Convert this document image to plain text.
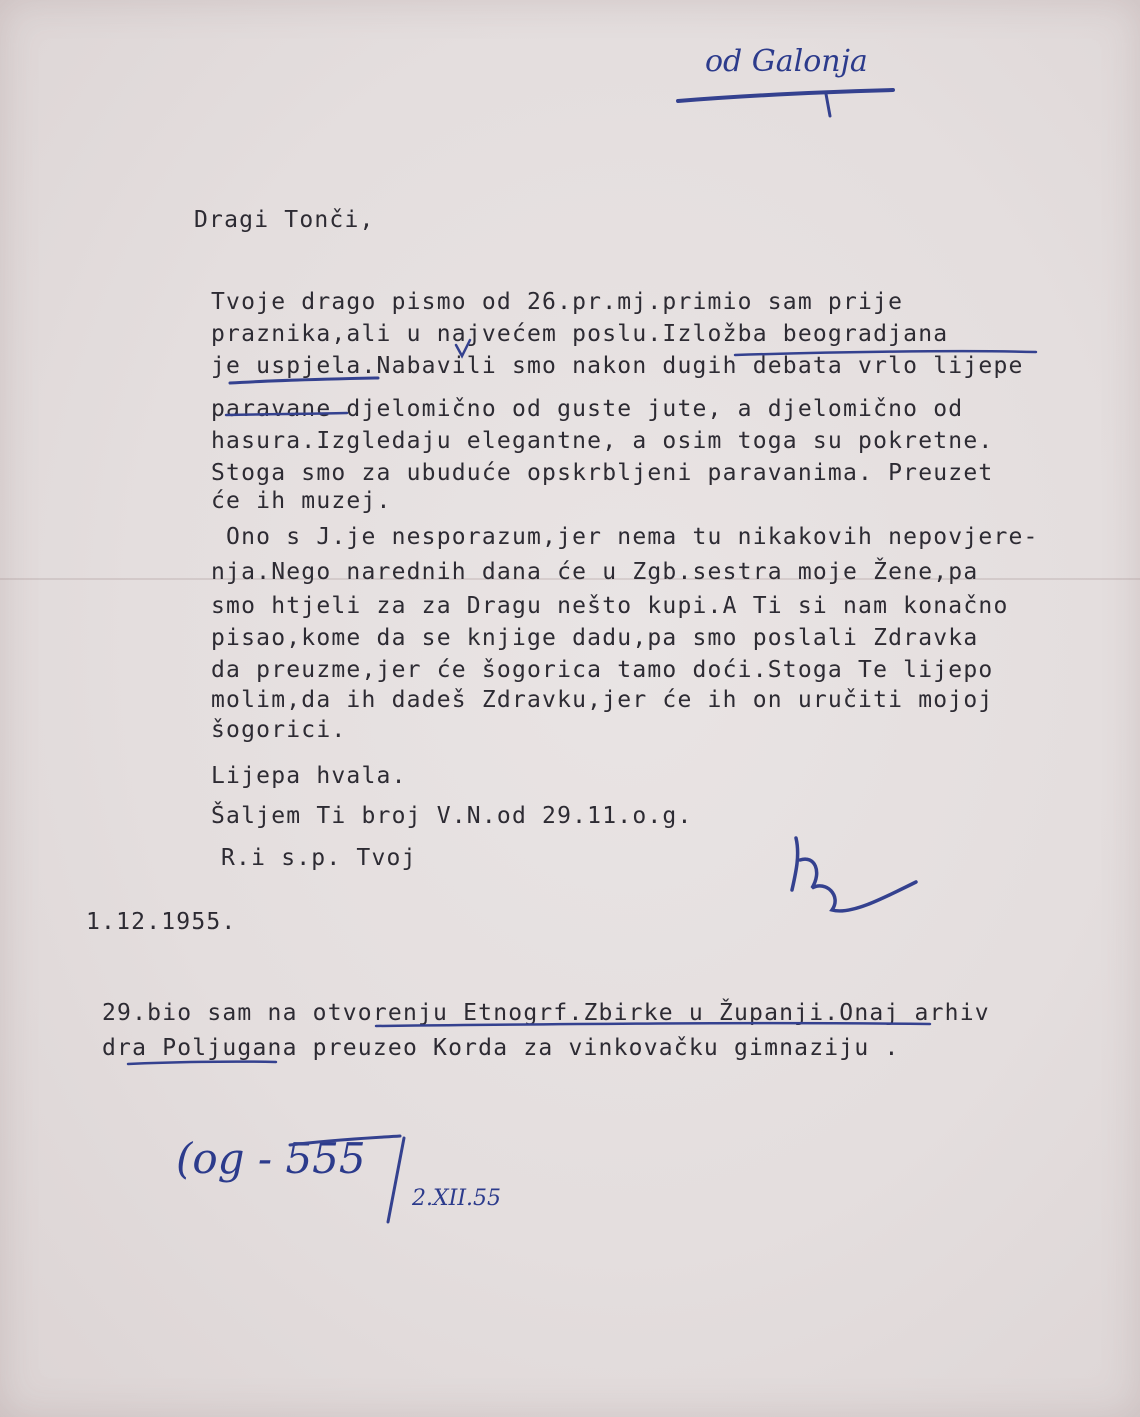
od Galonja
Dragi Tonči,
Tvoje drago pismo od 26.pr.mj.primio sam prije
praznika,ali u najvećem poslu.Izložba beogradjana
je uspjela.Nabavili smo nakon dugih debata vrlo lijepe
paravane djelomično od guste jute, a djelomično od
hasura.Izgledaju elegantne, a osim toga su pokretne.
Stoga smo za ubuduće opskrbljeni paravanima. Preuzet
će ih muzej.
Ono s J.je nesporazum,jer nema tu nikakovih nepovjere-
nja.Nego narednih dana će u Zgb.sestra moje Žene,pa
smo htjeli za za Dragu nešto kupi.A Ti si nam konačno
pisao,kome da se knjige dadu,pa smo poslali Zdravka
da preuzme,jer će šogorica tamo doći.Stoga Te lijepo
molim,da ih dadeš Zdravku,jer će ih on uručiti mojoj
šogorici.
Lijepa hvala.
Šaljem Ti broj V.N.od 29.11.o.g.
R.i s.p. Tvoj
1.12.1955.
29.bio sam na otvorenju Etnogrf.Zbirke u Županji.Onaj arhiv
dra Poljugana preuzeo Korda za vinkovačku gimnaziju .
(og - 555
2.XII.55
